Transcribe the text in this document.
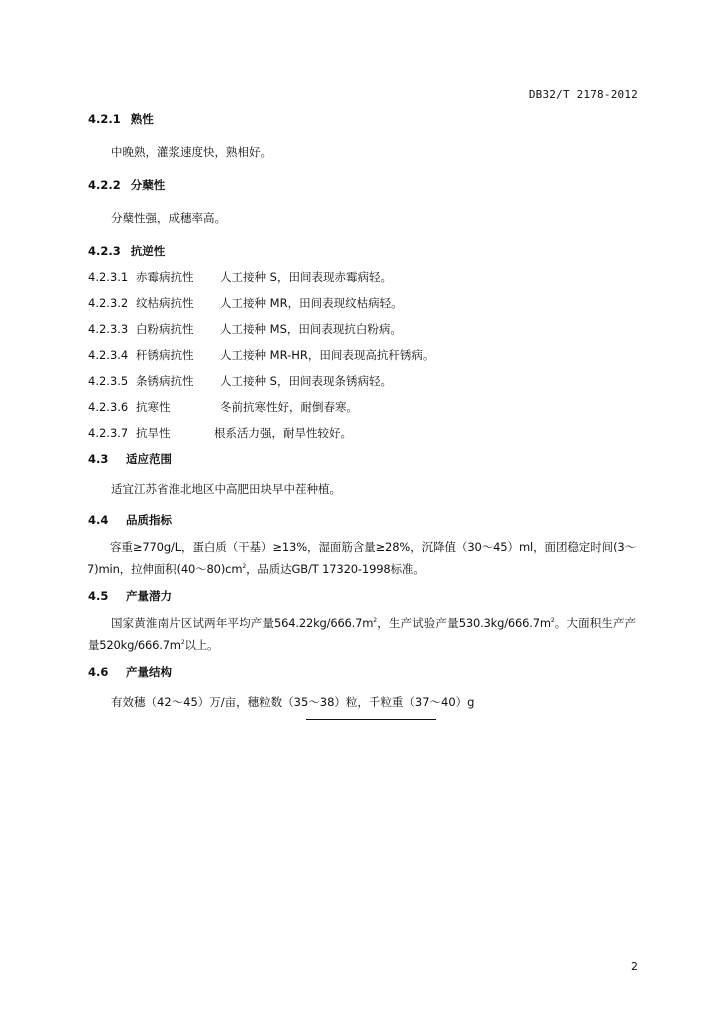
DB32/T 2178-2012
4.2.1 熟性
中晚熟，灌浆速度快，熟相好。
4.2.2 分蘖性
分蘖性强，成穗率高。
4.2.3 抗逆性
4.2.3.1 赤霉病抗性 人工接种 S，田间表现赤霉病轻。
4.2.3.2 纹枯病抗性 人工接种 MR，田间表现纹枯病轻。
4.2.3.3 白粉病抗性 人工接种 MS，田间表现抗白粉病。
4.2.3.4 秆锈病抗性 人工接种 MR-HR，田间表现高抗秆锈病。
4.2.3.5 条锈病抗性 人工接种 S，田间表现条锈病轻。
4.2.3.6 抗寒性	冬前抗寒性好，耐倒春寒。
4.2.3.7 抗旱性	根系活力强，耐旱性较好。
4.3 适应范围
适宜江苏省淮北地区中高肥田块早中茬种植。
4.4 品质指标
容重≥770g/L，蛋白质（干基）≥13%，湿面筋含量≥28%，沉降值（30～45）ml，面团稳定时间(3～7)min，拉伸面积$(40\sim 80)cm^2$，品质达GB/T 17320-1998标准。
4.5 产量潜力
国家黄淮南片区试两年平均产量$564.22kg/666.7m^2$，生产试验产量$530.3kg/666.7m^2$。大面积生产产量$520kg/666.7m^2$以上。
4.6 产量结构
有效穗（42～45）万/亩，穗粒数（35～38）粒，千粒重（37～40）g
2
